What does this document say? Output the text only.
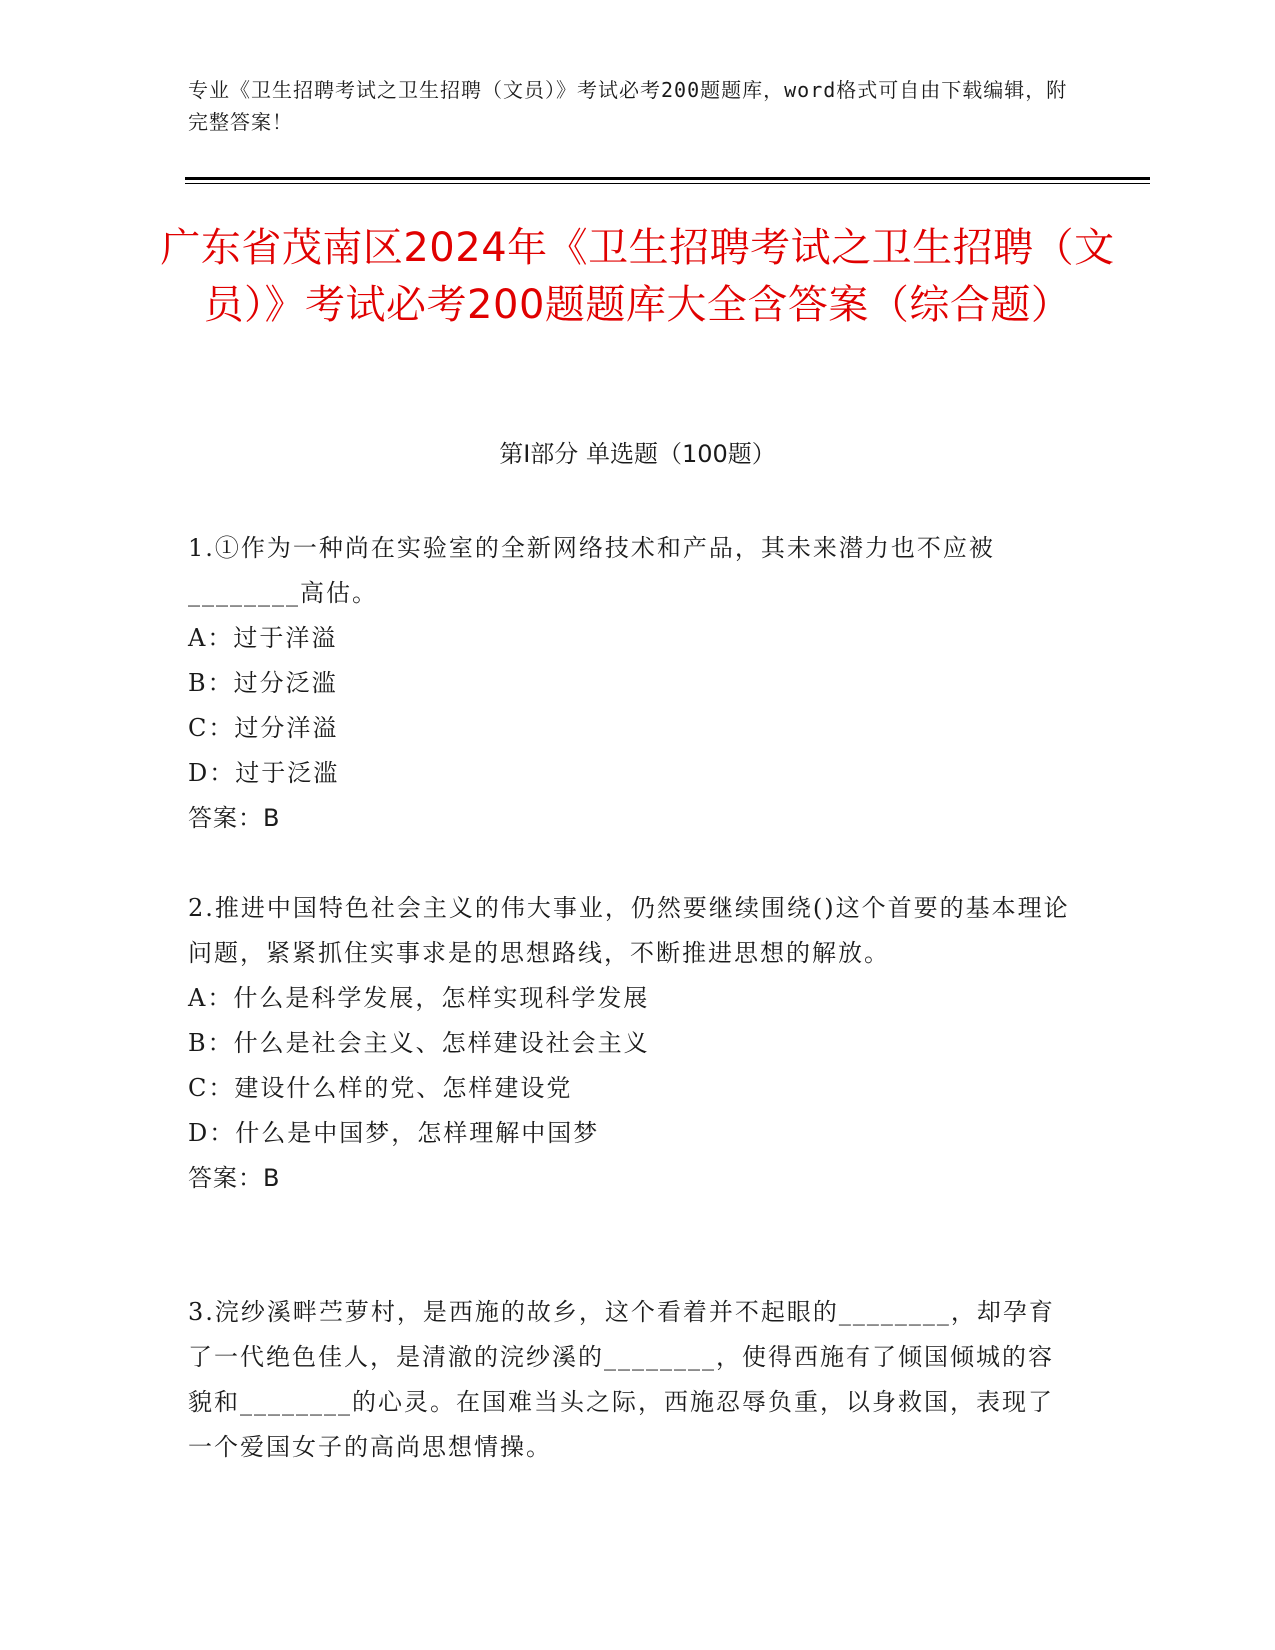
专业《卫生招聘考试之卫生招聘（文员）》考试必考200题题库，word格式可自由下载编辑，附完整答案！
广东省茂南区2024年《卫生招聘考试之卫生招聘（文员）》考试必考200题题库大全含答案（综合题）
第Ⅰ部分 单选题（100题）
1.①作为一种尚在实验室的全新网络技术和产品，其未来潜力也不应被________高估。
A：过于洋溢
B：过分泛滥
C：过分洋溢
D：过于泛滥
答案：B
2.推进中国特色社会主义的伟大事业，仍然要继续围绕()这个首要的基本理论问题，紧紧抓住实事求是的思想路线，不断推进思想的解放。
A：什么是科学发展，怎样实现科学发展
B：什么是社会主义、怎样建设社会主义
C：建设什么样的党、怎样建设党
D：什么是中国梦，怎样理解中国梦
答案：B
3.浣纱溪畔苎萝村，是西施的故乡，这个看着并不起眼的________，却孕育了一代绝色佳人，是清澈的浣纱溪的________，使得西施有了倾国倾城的容貌和________的心灵。在国难当头之际，西施忍辱负重，以身救国，表现了一个爱国女子的高尚思想情操。
